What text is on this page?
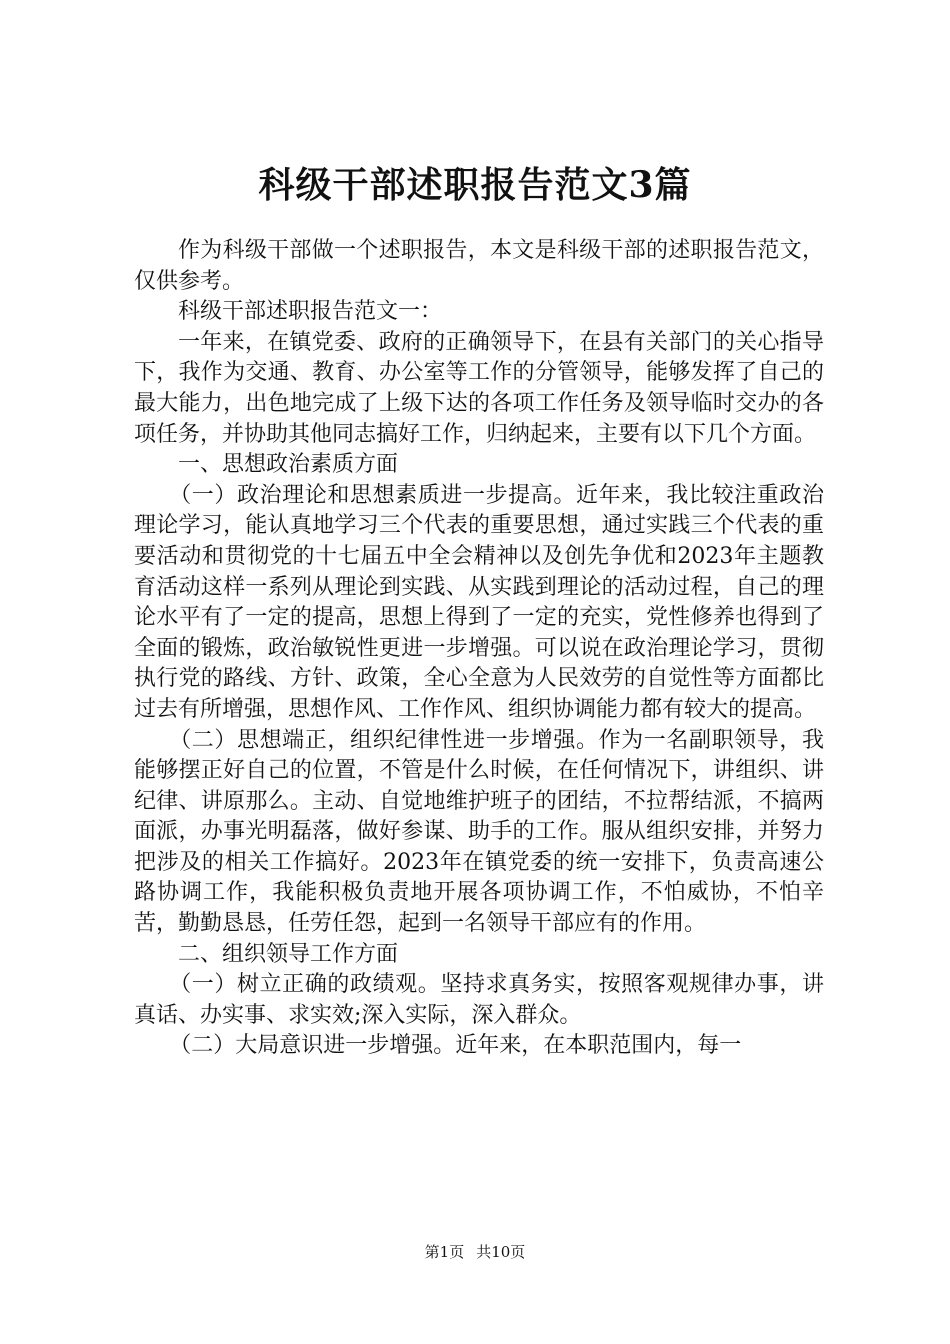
科级干部述职报告范文3篇

作为科级干部做一个述职报告，本文是科级干部的述职报告范文，仅供参考。

科级干部述职报告范文一：

一年来，在镇党委、政府的正确领导下，在县有关部门的关心指导下，我作为交通、教育、办公室等工作的分管领导，能够发挥了自己的最大能力，出色地完成了上级下达的各项工作任务及领导临时交办的各项任务，并协助其他同志搞好工作，归纳起来，主要有以下几个方面。

一、思想政治素质方面

（一）政治理论和思想素质进一步提高。近年来，我比较注重政治理论学习，能认真地学习三个代表的重要思想，通过实践三个代表的重要活动和贯彻党的十七届五中全会精神以及创先争优和2023年主题教育活动这样一系列从理论到实践、从实践到理论的活动过程，自己的理论水平有了一定的提高，思想上得到了一定的充实，党性修养也得到了全面的锻炼，政治敏锐性更进一步增强。可以说在政治理论学习，贯彻执行党的路线、方针、政策，全心全意为人民效劳的自觉性等方面都比过去有所增强，思想作风、工作作风、组织协调能力都有较大的提高。

（二）思想端正，组织纪律性进一步增强。作为一名副职领导，我能够摆正好自己的位置，不管是什么时候，在任何情况下，讲组织、讲纪律、讲原那么。主动、自觉地维护班子的团结，不拉帮结派，不搞两面派，办事光明磊落，做好参谋、助手的工作。服从组织安排，并努力把涉及的相关工作搞好。2023年在镇党委的统一安排下，负责高速公路协调工作，我能积极负责地开展各项协调工作，不怕威协，不怕辛苦，勤勤恳恳，任劳任怨，起到一名领导干部应有的作用。

二、组织领导工作方面

（一）树立正确的政绩观。坚持求真务实，按照客观规律办事，讲真话、办实事、求实效;深入实际，深入群众。

（二）大局意识进一步增强。近年来，在本职范围内，每一

第1页 共10页
